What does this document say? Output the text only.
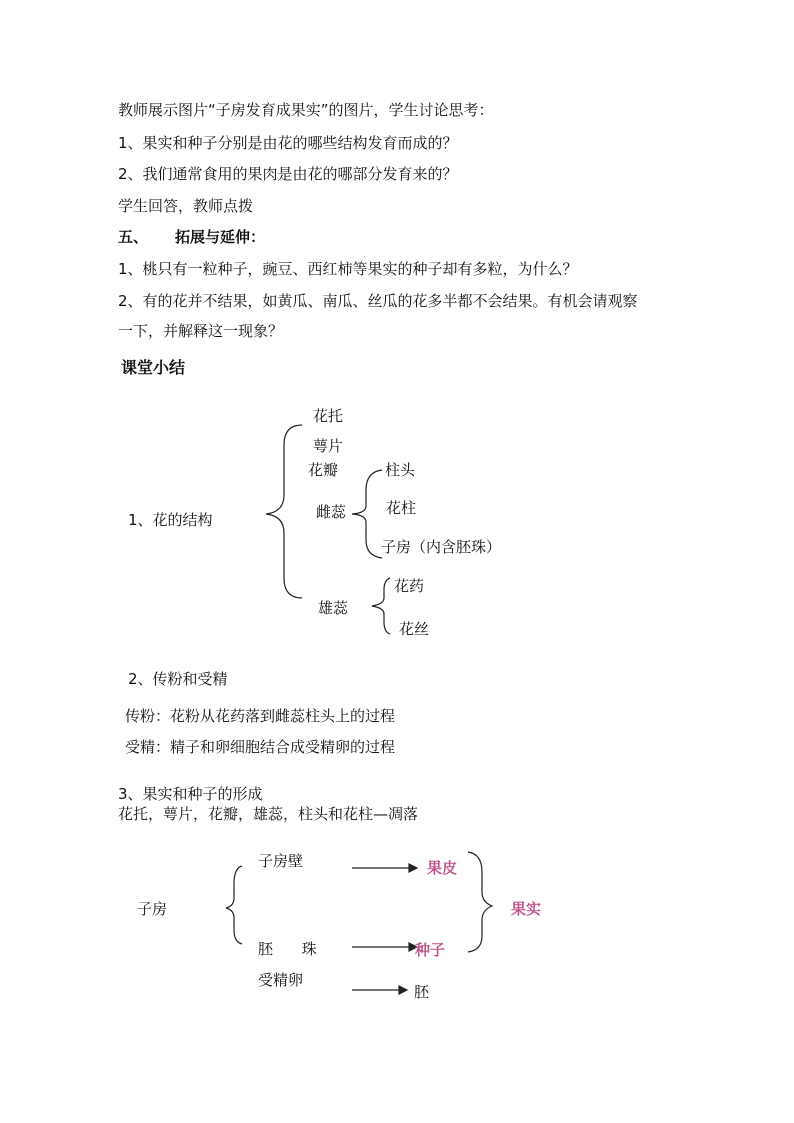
教师展示图片“子房发育成果实”的图片，学生讨论思考：
1、果实和种子分别是由花的哪些结构发育而成的？
2、我们通常食用的果肉是由花的哪部分发育来的？
学生回答，教师点拨
五、 拓展与延伸：
1、桃只有一粒种子，豌豆、西红柿等果实的种子却有多粒，为什么？
2、有的花并不结果，如黄瓜、南瓜、丝瓜的花多半都不会结果。有机会请观察
一下，并解释这一现象？
课堂小结
1、花的结构
花托
萼片
花瓣
雌蕊
柱头
花柱
子房（内含胚珠）
雄蕊
花药
花丝
2、传粉和受精
传粉：花粉从花药落到雌蕊柱头上的过程
受精：精子和卵细胞结合成受精卵的过程
3、果实和种子的形成
花托，萼片，花瓣，雄蕊，柱头和花柱—凋落
子房
子房壁	果皮
胚      珠	种子
果实
受精卵
胚
